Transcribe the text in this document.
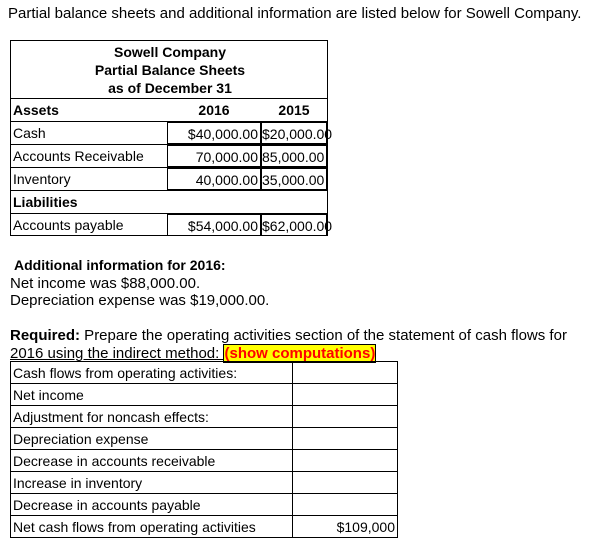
Partial balance sheets and additional information are listed below for Sowell Company.
Sowell Company
Partial Balance Sheets
as of December 31
Assets	2016	2015
Cash	$40,000.00 $20,000.00
Accounts Receivable	70,000.00 85,000.00
Inventory	40,000.00 35,000.00
Liabilities
Accounts payable	$54,000.00 $62,000.00
Additional information for 2016:
Net income was $88,000.00.
Depreciation expense was $19,000.00.
Required: Prepare the operating activities section of the statement of cash flows for
2016 using the indirect method: (show computations)
Cash flows from operating activities:	
Net income	
Adjustment for noncash effects:	
Depreciation expense	
Decrease in accounts receivable	
Increase in inventory	
Decrease in accounts payable	
Net cash flows from operating activities	$109,000
